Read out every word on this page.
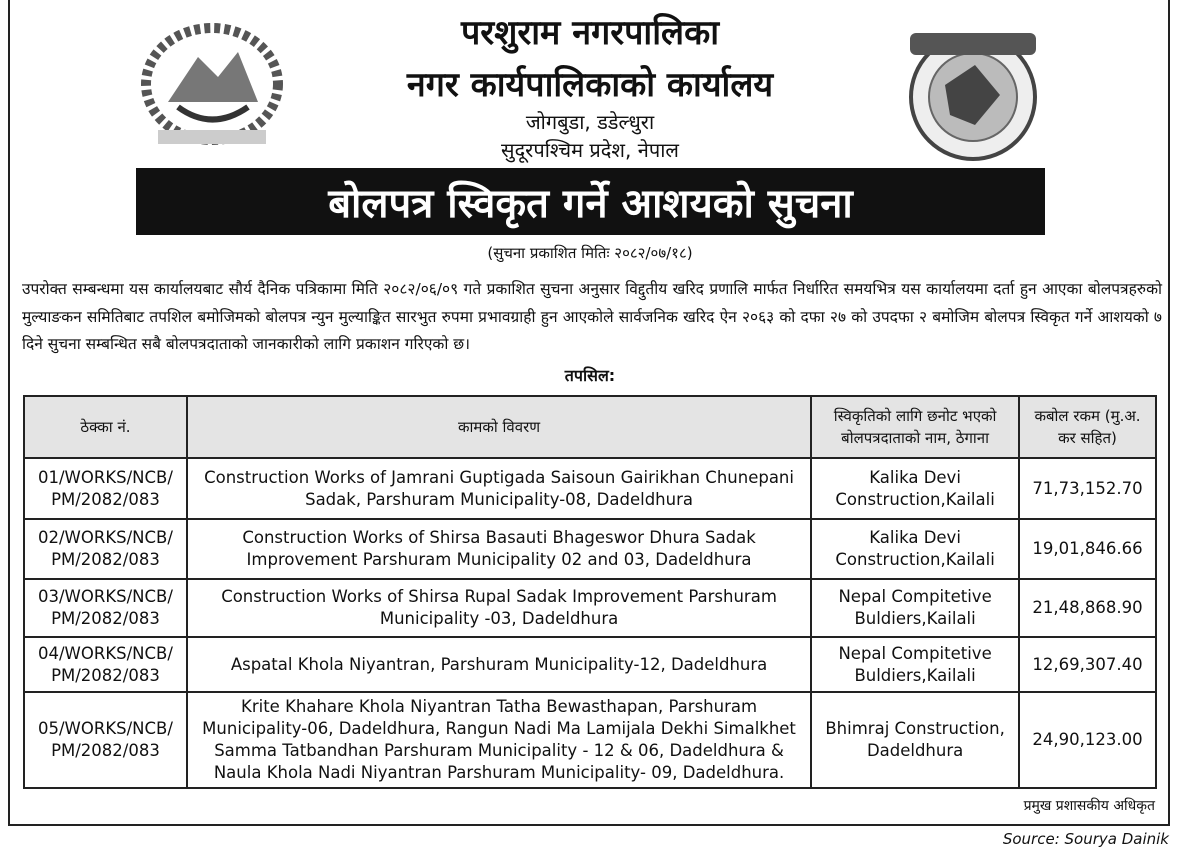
परशुराम नगरपालिका
नगर कार्यपालिकाको कार्यालय
जोगबुडा, डडेल्धुरा
सुदूरपश्चिम प्रदेश, नेपाल
बोलपत्र स्विकृत गर्ने आशयको सुचना
(सुचना प्रकाशित मितिः २०८२/०७/१८)
उपरोक्त सम्बन्धमा यस कार्यालयबाट सौर्य दैनिक पत्रिकामा मिति २०८२/०६/०९ गते प्रकाशित सुचना अनुसार विद्दुतीय खरिद प्रणालि मार्फत निर्धारित समयभित्र यस कार्यालयमा दर्ता हुन आएका बोलपत्रहरुको मुल्याङकन समितिबाट तपशिल बमोजिमको बोलपत्र न्युन मुल्याङ्कित सारभुत रुपमा प्रभावग्राही हुन आएकोले सार्वजनिक खरिद ऐन २०६३ को दफा २७ को उपदफा २ बमोजिम बोलपत्र स्विकृत गर्ने आशयको ७ दिने सुचना सम्बन्धित सबै बोलपत्रदाताको जानकारीको लागि प्रकाशन गरिएको छ।
तपसिल:
ठेक्का नं.	कामको विवरण	स्विकृतिको लागि छनोट भएको बोलपत्रदाताको नाम, ठेगाना	कबोल रकम (मु.अ. कर सहित)
01/WORKS/NCB/ PM/2082/083	Construction Works of Jamrani Guptigada Saisoun Gairikhan Chunepani Sadak, Parshuram Municipality-08, Dadeldhura	Kalika Devi Construction,Kailali	71,73,152.70
02/WORKS/NCB/ PM/2082/083	Construction Works of Shirsa Basauti Bhageswor Dhura Sadak Improvement Parshuram Municipality 02 and 03, Dadeldhura	Kalika Devi Construction,Kailali	19,01,846.66
03/WORKS/NCB/ PM/2082/083	Construction Works of Shirsa Rupal Sadak Improvement Parshuram Municipality -03, Dadeldhura	Nepal Compitetive Buldiers,Kailali	21,48,868.90
04/WORKS/NCB/ PM/2082/083	Aspatal Khola Niyantran, Parshuram Municipality-12, Dadeldhura	Nepal Compitetive Buldiers,Kailali	12,69,307.40
05/WORKS/NCB/ PM/2082/083	Krite Khahare Khola Niyantran Tatha Bewasthapan, Parshuram Municipality-06, Dadeldhura, Rangun Nadi Ma Lamijala Dekhi Simalkhet Samma Tatbandhan Parshuram Municipality - 12 & 06, Dadeldhura & Naula Khola Nadi Niyantran Parshuram Municipality- 09, Dadeldhura.	Bhimraj Construction, Dadeldhura	24,90,123.00
प्रमुख प्रशासकीय अधिकृत
Source: Sourya Dainik
